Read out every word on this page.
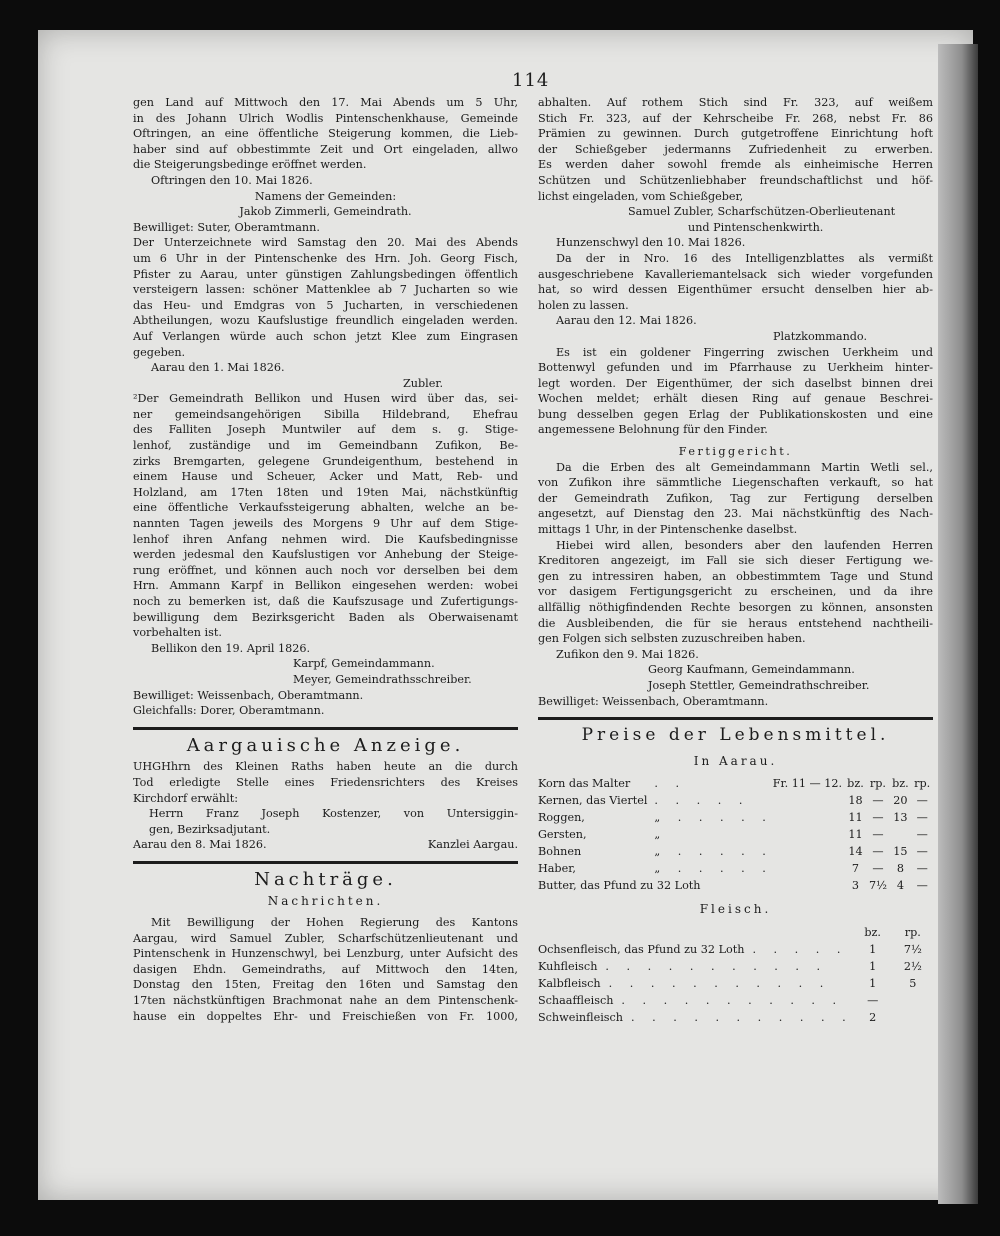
114

gen Land auf Mittwoch den 17. Mai Abends um 5 Uhr,

in des Johann Ulrich Wodlis Pintenschenkhause, Gemeinde

Oftringen, an eine öffentliche Steigerung kommen, die Lieb-

haber sind auf obbestimmte Zeit und Ort eingeladen, allwo

die Steigerungsbedinge eröffnet werden.

Oftringen den 10. Mai 1826.

Namens der Gemeinden:

Jakob Zimmerli, Gemeindrath.

Bewilliget: Suter, Oberamtmann.

Der Unterzeichnete wird Samstag den 20. Mai des Abends

um 6 Uhr in der Pintenschenke des Hrn. Joh. Georg Fisch,

Pfister zu Aarau, unter günstigen Zahlungsbedingen öffentlich

versteigern lassen: schöner Mattenklee ab 7 Jucharten so wie

das Heu- und Emdgras von 5 Jucharten, in verschiedenen

Abtheilungen, wozu Kaufslustige freundlich eingeladen werden.

Auf Verlangen würde auch schon jetzt Klee zum Eingrasen

gegeben.

Aarau den 1. Mai 1826.

Zubler.

²Der Gemeindrath Bellikon und Husen wird über das, sei-

ner gemeindsangehörigen Sibilla Hildebrand, Ehefrau

des Falliten Joseph Muntwiler auf dem s. g. Stige-

lenhof, zuständige und im Gemeindbann Zufikon, Be-

zirks Bremgarten, gelegene Grundeigenthum, bestehend in

einem Hause und Scheuer, Acker und Matt, Reb- und

Holzland, am 17ten 18ten und 19ten Mai, nächstkünftig

eine öffentliche Verkaufssteigerung abhalten, welche an be-

nannten Tagen jeweils des Morgens 9 Uhr auf dem Stige-

lenhof ihren Anfang nehmen wird. Die Kaufsbedingnisse

werden jedesmal den Kaufslustigen vor Anhebung der Steige-

rung eröffnet, und können auch noch vor derselben bei dem

Hrn. Ammann Karpf in Bellikon eingesehen werden: wobei

noch zu bemerken ist, daß die Kaufszusage und Zufertigungs-

bewilligung dem Bezirksgericht Baden als Oberwaisenamt

vorbehalten ist.

Bellikon den 19. April 1826.

Karpf, Gemeindammann.

Meyer, Gemeindrathsschreiber.

Bewilliget: Weissenbach, Oberamtmann.

Gleichfalls: Dorer, Oberamtmann.

Aargauische Anzeige.

UHGHhrn des Kleinen Raths haben heute an die durch

Tod erledigte Stelle eines Friedensrichters des Kreises

Kirchdorf erwählt:

Herrn Franz Joseph Kostenzer, von Untersiggin-

gen, Bezirksadjutant.

Aarau den 8. Mai 1826.	Kanzlei Aargau.

Nachträge.

Nachrichten.

Mit Bewilligung der Hohen Regierung des Kantons

Aargau, wird Samuel Zubler, Scharfschützenlieutenant und

Pintenschenk in Hunzenschwyl, bei Lenzburg, unter Aufsicht des

dasigen Ehdn. Gemeindraths, auf Mittwoch den 14ten,

Donstag den 15ten, Freitag den 16ten und Samstag den

17ten nächstkünftigen Brachmonat nahe an dem Pintenschenk-

hause ein doppeltes Ehr- und Freischießen von Fr. 1000,

abhalten. Auf rothem Stich sind Fr. 323, auf weißem

Stich Fr. 323, auf der Kehrscheibe Fr. 268, nebst Fr. 86

Prämien zu gewinnen. Durch gutgetroffene Einrichtung hoft

der Schießgeber jedermanns Zufriedenheit zu erwerben.

Es werden daher sowohl fremde als einheimische Herren

Schützen und Schützenliebhaber freundschaftlichst und höf-

lichst eingeladen, vom Schießgeber,

Samuel Zubler, Scharfschützen-Oberlieutenant

und Pintenschenkwirth.

Hunzenschwyl den 10. Mai 1826.

Da der in Nro. 16 des Intelligenzblattes als vermißt

ausgeschriebene Kavalleriemantelsack sich wieder vorgefunden

hat, so wird dessen Eigenthümer ersucht denselben hier ab-

holen zu lassen.

Aarau den 12. Mai 1826.

Platzkommando.

Es ist ein goldener Fingerring zwischen Uerkheim und

Bottenwyl gefunden und im Pfarrhause zu Uerkheim hinter-

legt worden. Der Eigenthümer, der sich daselbst binnen drei

Wochen meldet; erhält diesen Ring auf genaue Beschrei-

bung desselben gegen Erlag der Publikationskosten und eine

angemessene Belohnung für den Finder.

Fertiggericht.

Da die Erben des alt Gemeindammann Martin Wetli sel.,

von Zufikon ihre sämmtliche Liegenschaften verkauft, so hat

der Gemeindrath Zufikon, Tag zur Fertigung derselben

angesetzt, auf Dienstag den 23. Mai nächstkünftig des Nach-

mittags 1 Uhr, in der Pintenschenke daselbst.

Hiebei wird allen, besonders aber den laufenden Herren

Kreditoren angezeigt, im Fall sie sich dieser Fertigung we-

gen zu intressiren haben, an obbestimmtem Tage und Stund

vor dasigem Fertigungsgericht zu erscheinen, und da ihre

allfällig nöthigfindenden Rechte besorgen zu können, ansonsten

die Ausbleibenden, die für sie heraus entstehend nachtheili-

gen Folgen sich selbsten zuzuschreiben haben.

Zufikon den 9. Mai 1826.

Georg Kaufmann, Gemeindammann.

Joseph Stettler, Gemeindrathschreiber.

Bewilliget: Weissenbach, Oberamtmann.

Preise der Lebensmittel.

In Aarau.

Korn das Malter	. .	Fr. 11 — 12.	bz.	rp.	bz.	rp.
Kernen, das Viertel	. . . . .		18	—	20	—
Roggen,	„ . . . . .		11	—	13	—
Gersten,	„		11	—		—
Bohnen	„ . . . . .		14	—	15	—
Haber,	„ . . . . .		7	—	8	—
Butter, das Pfund zu 32 Loth			3	7½	4	—

Fleisch.

	bz.	rp.
Ochsenfleisch, das Pfund zu 32 Loth . . . . .	1	7½
Kuhfleisch . . . . . . . . . . .	1	2½
Kalbfleisch . . . . . . . . . . .	1	5
Schaaffleisch . . . . . . . . . . .	—	
Schweinfleisch . . . . . . . . . . .	2	
